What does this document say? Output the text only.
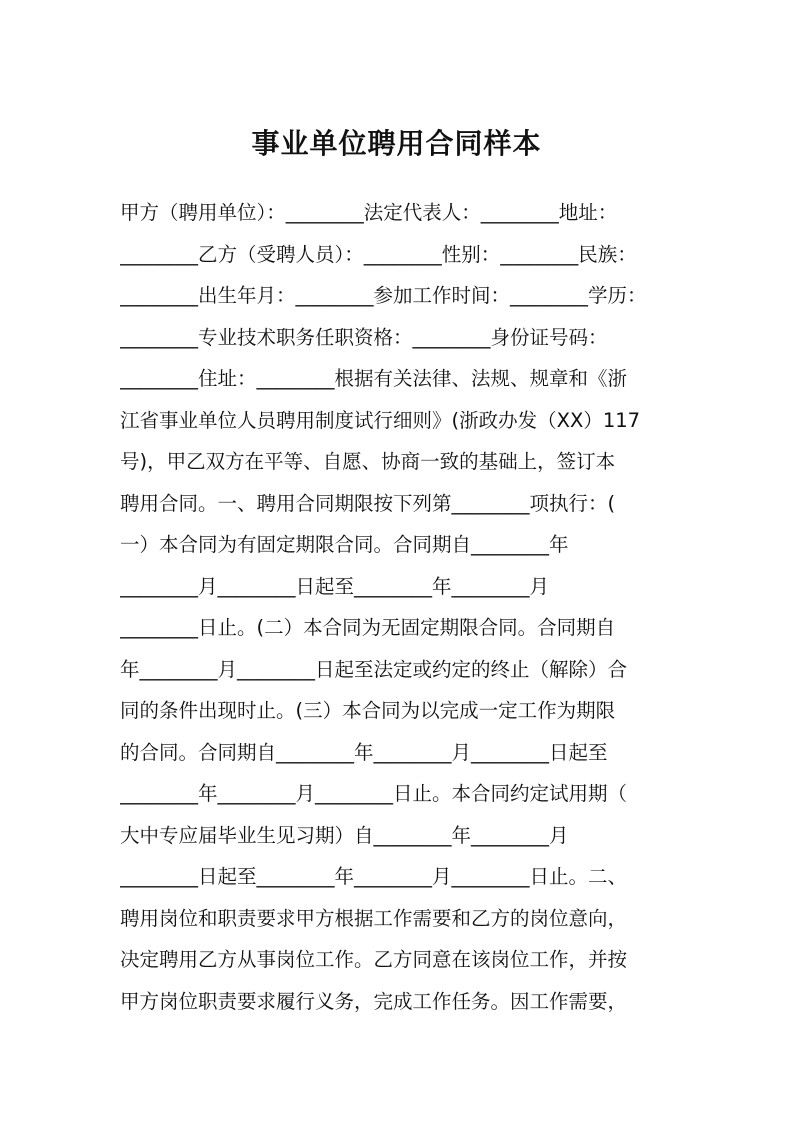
事业单位聘用合同样本
甲方（聘用单位）：________法定代表人：________地址：
________乙方（受聘人员）：________性别：________民族：
________出生年月：________参加工作时间：________学历：
________专业技术职务任职资格：________身份证号码：
________住址：________根据有关法律、法规、规章和《浙
江省事业单位人员聘用制度试行细则》(浙政办发（XX）117
号)，甲乙双方在平等、自愿、协商一致的基础上，签订本
聘用合同。一、聘用合同期限按下列第________项执行：(
一）本合同为有固定期限合同。合同期自________年
________月________日起至________年________月
________日止。(二）本合同为无固定期限合同。合同期自
年________月________日起至法定或约定的终止（解除）合
同的条件出现时止。(三）本合同为以完成一定工作为期限
的合同。合同期自________年________月________日起至
________年________月________日止。本合同约定试用期（
大中专应届毕业生见习期）自________年________月
________日起至________年________月________日止。二、
聘用岗位和职责要求甲方根据工作需要和乙方的岗位意向，
决定聘用乙方从事岗位工作。乙方同意在该岗位工作，并按
甲方岗位职责要求履行义务，完成工作任务。因工作需要，
